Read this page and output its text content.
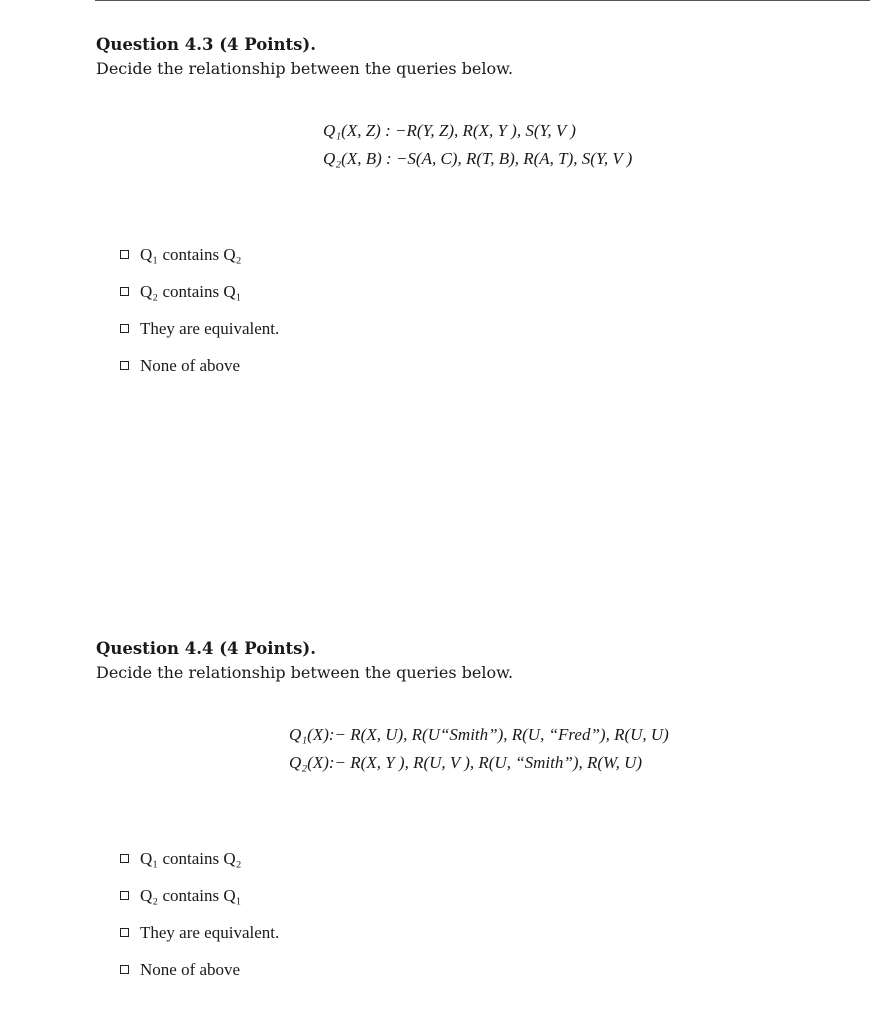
Question 4.3 (4 Points).
Decide the relationship between the queries below.
Q₁(X, Z) : −R(Y, Z), R(X, Y ), S(Y, V )
Q₂(X, B) : −S(A, C), R(T, B), R(A, T), S(Y, V )
Q₁ contains Q₂
Q₂ contains Q₁
They are equivalent.
None of above
Question 4.4 (4 Points).
Decide the relationship between the queries below.
Q₁(X):− R(X, U), R(U“Smith”), R(U, “Fred”), R(U, U)
Q₂(X):− R(X, Y ), R(U, V ), R(U, “Smith”), R(W, U)
Q₁ contains Q₂
Q₂ contains Q₁
They are equivalent.
None of above
